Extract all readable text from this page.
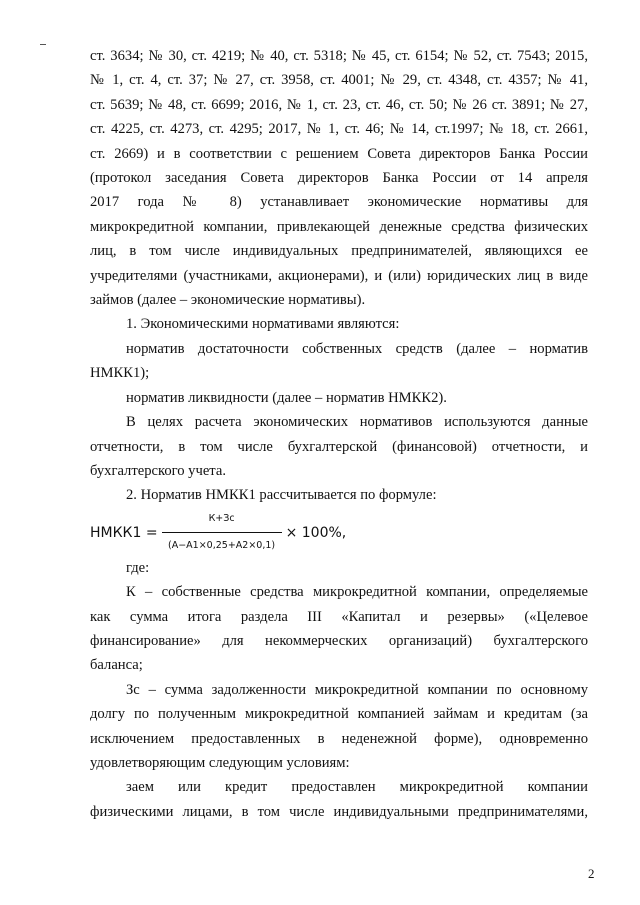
ст. 3634; № 30, ст. 4219; № 40, ст. 5318; № 45, ст. 6154; № 52, ст. 7543; 2015,

№ 1, ст. 4, ст. 37; № 27, ст. 3958, ст. 4001; № 29, ст. 4348, ст. 4357; № 41,

ст. 5639; № 48, ст. 6699; 2016, № 1, ст. 23, ст. 46, ст. 50; № 26 ст. 3891; № 27,

ст. 4225, ст. 4273, ст. 4295; 2017, № 1, ст. 46; № 14, ст.1997; № 18, ст. 2661,

ст. 2669) и в соответствии с решением Совета директоров Банка России

(протокол заседания Совета директоров Банка России от 14 апреля

2017 года № 8) устанавливает экономические нормативы для

микрокредитной компании, привлекающей денежные средства физических

лиц, в том числе индивидуальных предпринимателей, являющихся ее

учредителями (участниками, акционерами), и (или) юридических лиц в виде

займов (далее – экономические нормативы).

1. Экономическими нормативами являются:

норматив достаточности собственных средств (далее – норматив

НМКК1);

норматив ликвидности (далее – норматив НМКК2).

В целях расчета экономических нормативов используются данные

отчетности, в том числе бухгалтерской (финансовой) отчетности, и

бухгалтерского учета.

2. Норматив НМКК1 рассчитывается по формуле:

НМКК1 = $\frac{К+Зс}{(А-А1\times 0,25+А2\times 0,1)} \times 100\%$,

где:

К – собственные средства микрокредитной компании, определяемые

как сумма итога раздела III «Капитал и резервы» («Целевое

финансирование» для некоммерческих организаций) бухгалтерского

баланса;

Зс – сумма задолженности микрокредитной компании по основному

долгу по полученным микрокредитной компанией займам и кредитам (за

исключением предоставленных в неденежной форме), одновременно

удовлетворяющим следующим условиям:

заем или кредит предоставлен микрокредитной компании

физическими лицами, в том числе индивидуальными предпринимателями,

2
